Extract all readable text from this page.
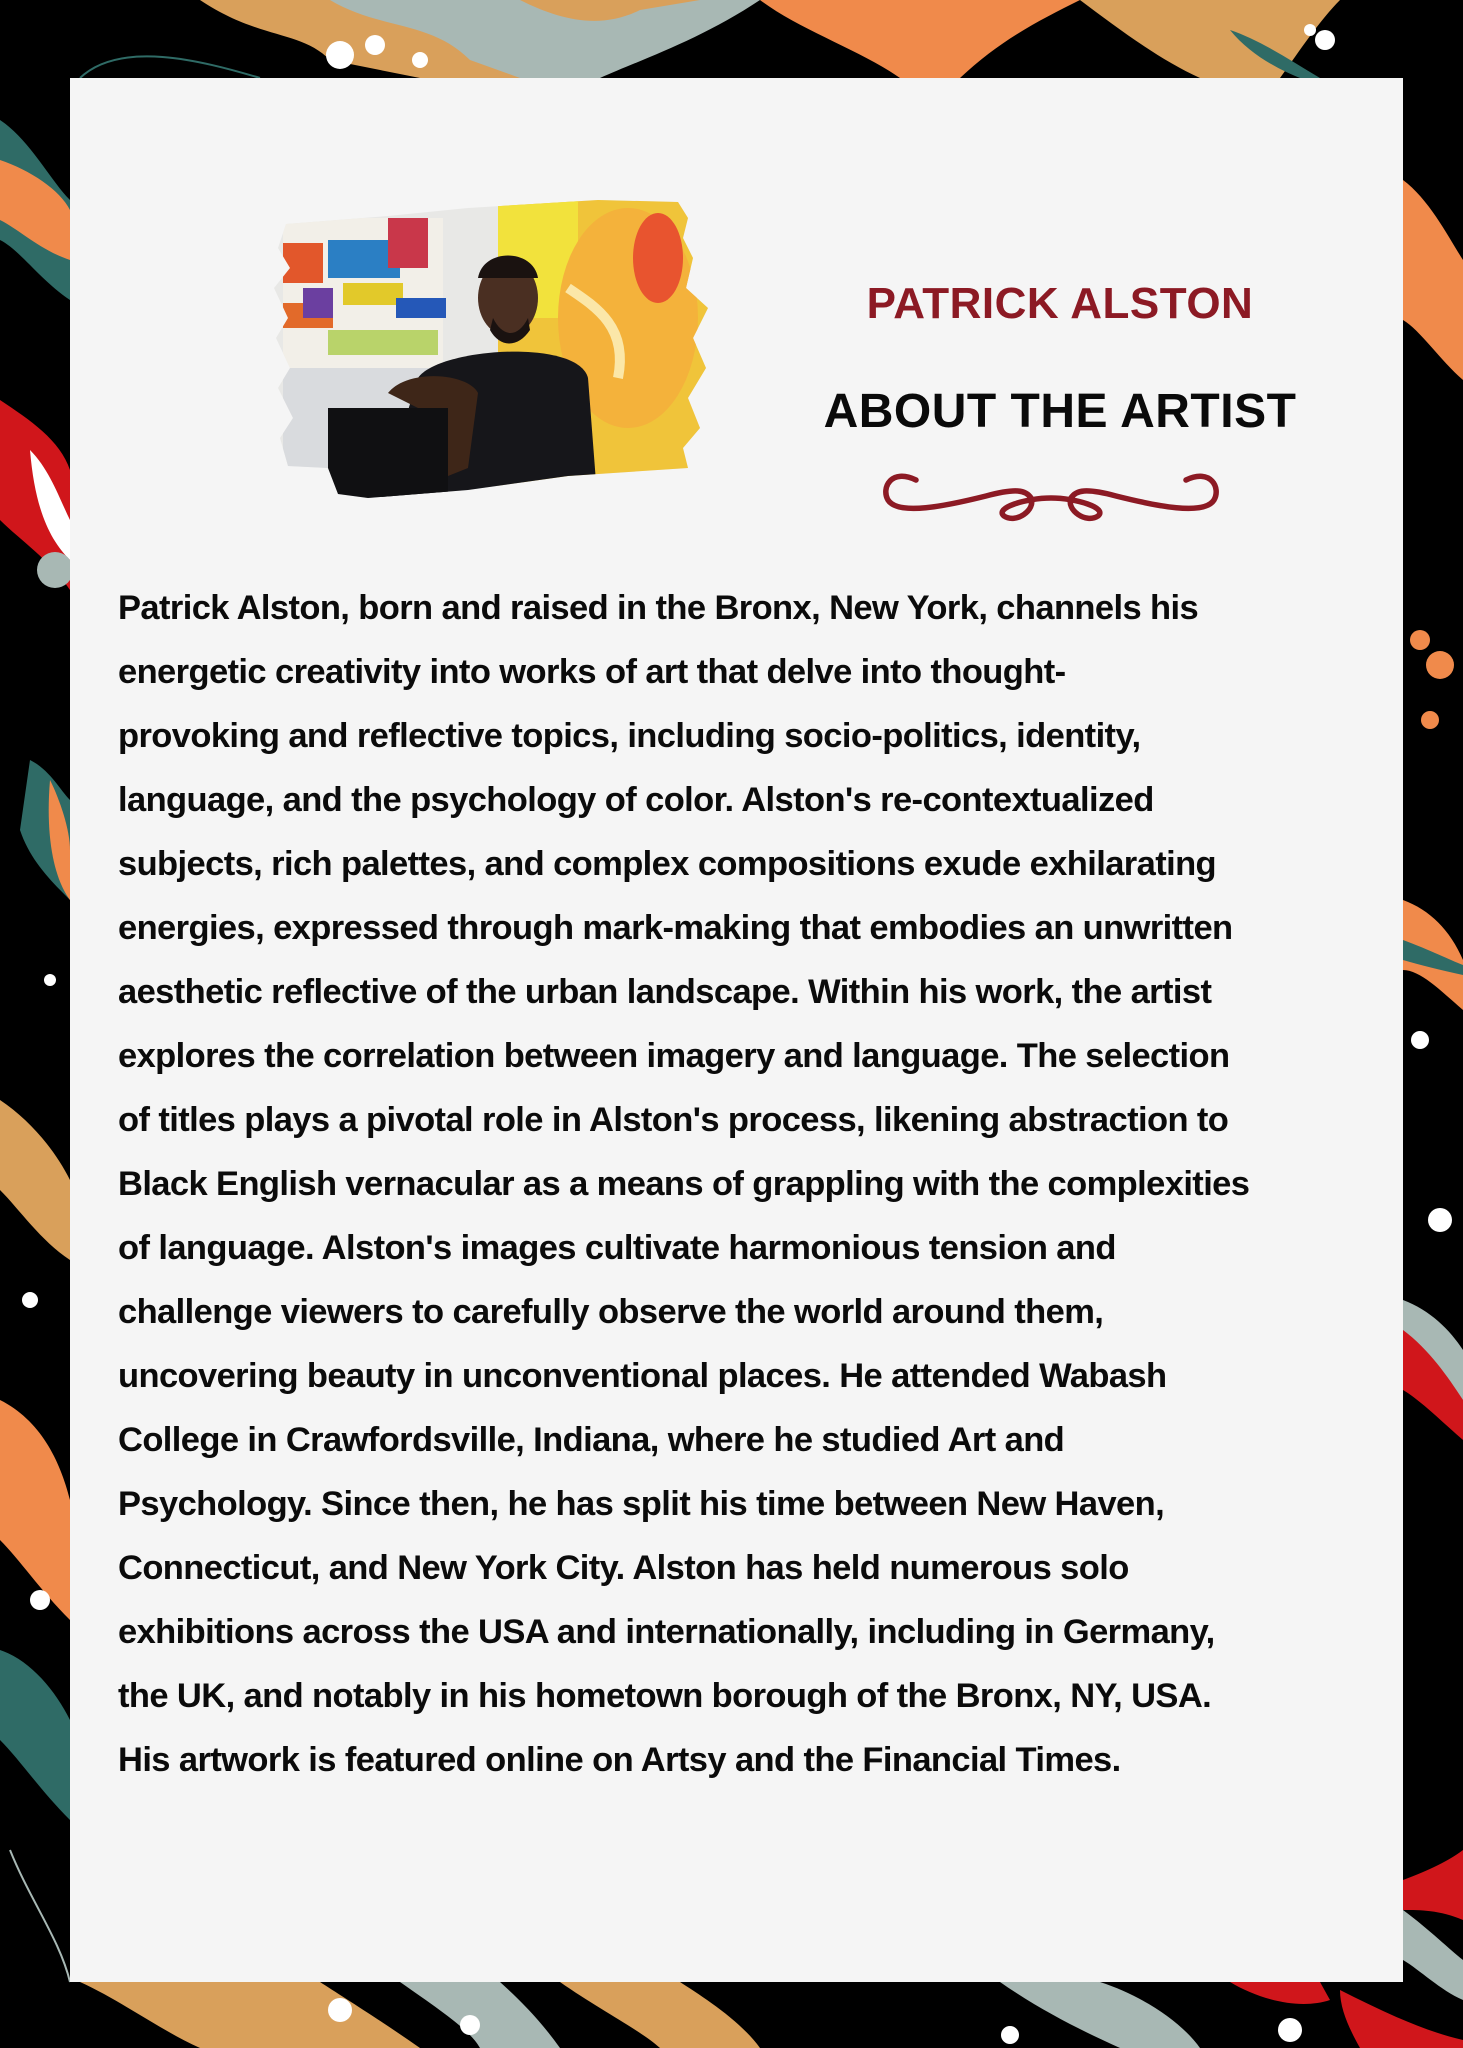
PATRICK ALSTON
ABOUT THE ARTIST

Patrick Alston, born and raised in the Bronx, New York, channels his
energetic creativity into works of art that delve into thought-
provoking and reflective topics, including socio-politics, identity,
language, and the psychology of color. Alston's re-contextualized
subjects, rich palettes, and complex compositions exude exhilarating
energies, expressed through mark-making that embodies an unwritten
aesthetic reflective of the urban landscape. Within his work, the artist
explores the correlation between imagery and language. The selection
of titles plays a pivotal role in Alston's process, likening abstraction to
Black English vernacular as a means of grappling with the complexities
of language. Alston's images cultivate harmonious tension and
challenge viewers to carefully observe the world around them,
uncovering beauty in unconventional places. He attended Wabash
College in Crawfordsville, Indiana, where he studied Art and
Psychology. Since then, he has split his time between New Haven,
Connecticut, and New York City. Alston has held numerous solo
exhibitions across the USA and internationally, including in Germany,
the UK, and notably in his hometown borough of the Bronx, NY, USA.
His artwork is featured online on Artsy and the Financial Times.
